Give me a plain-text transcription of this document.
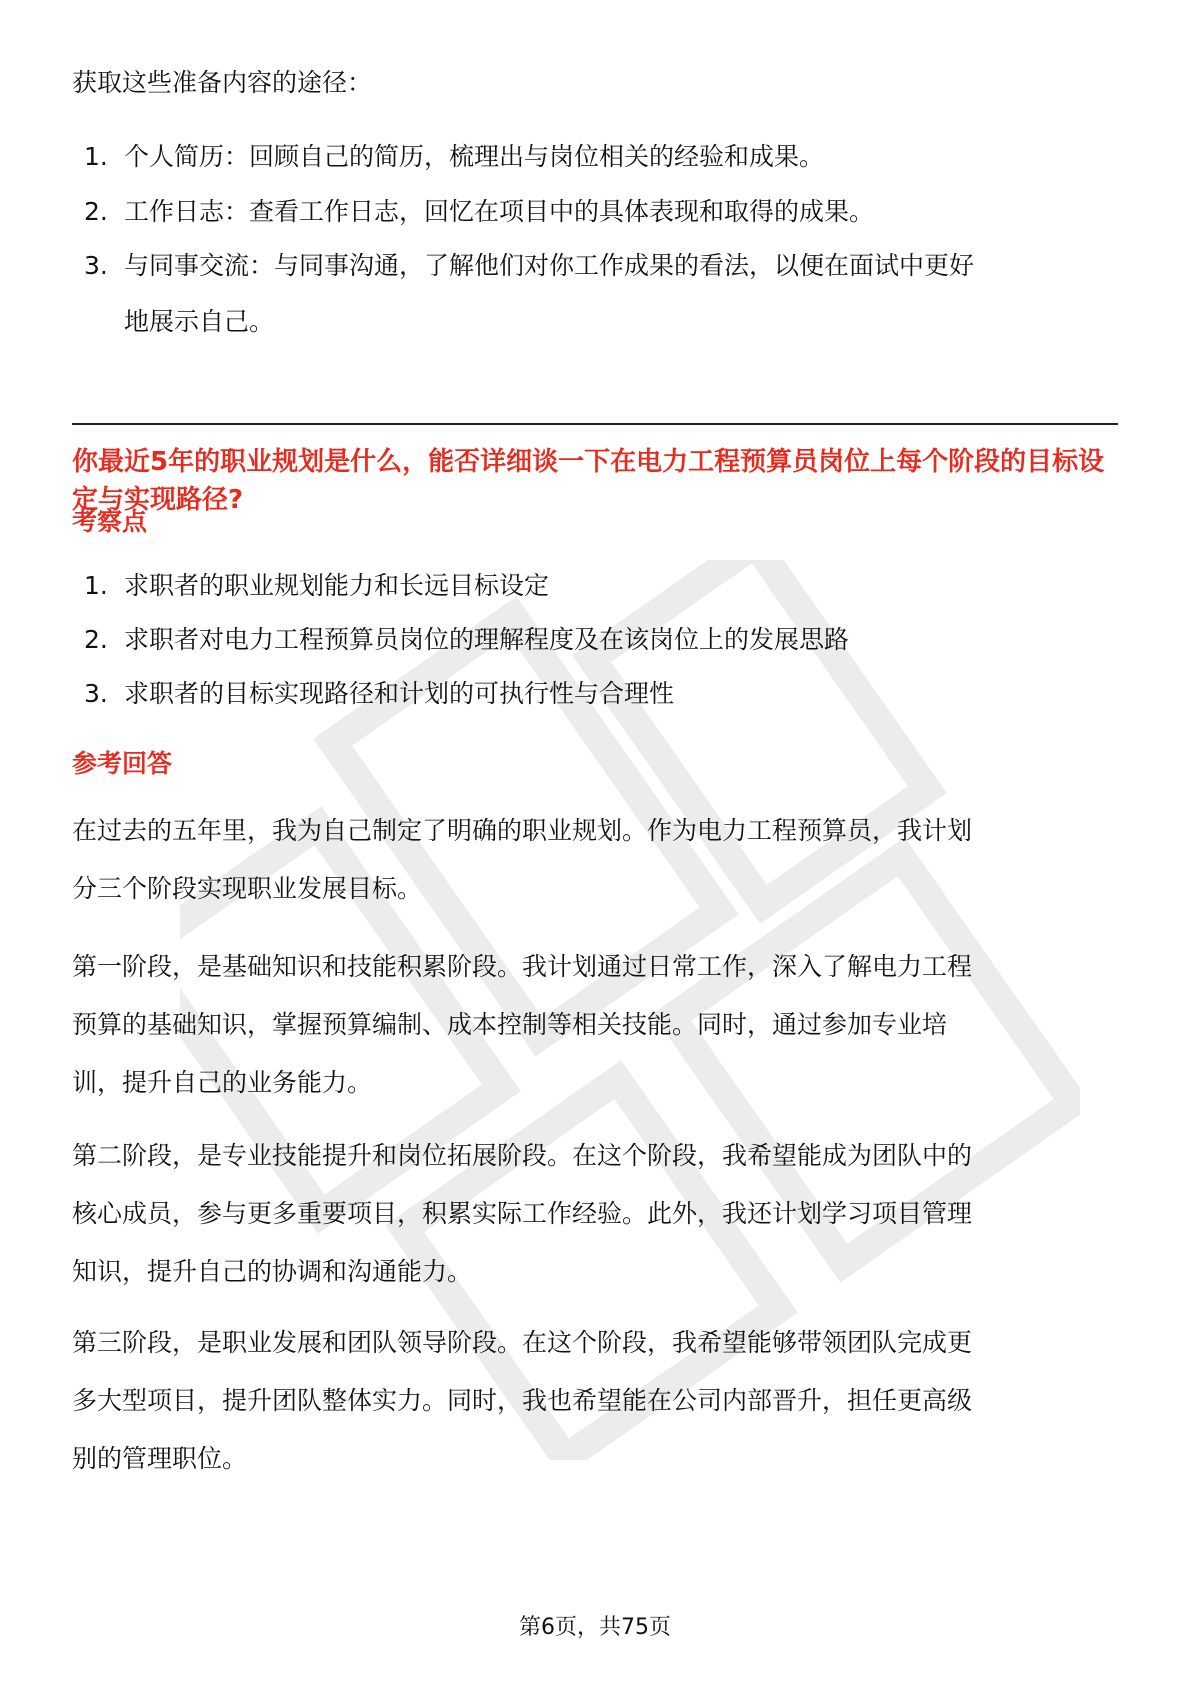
获取这些准备内容的途径：

1. 个人简历：回顾自己的简历，梳理出与岗位相关的经验和成果。
2. 工作日志：查看工作日志，回忆在项目中的具体表现和取得的成果。
3. 与同事交流：与同事沟通，了解他们对你工作成果的看法，以便在面试中更好
地展示自己。
你最近5年的职业规划是什么，能否详细谈一下在电力工程预算员岗位上每个阶段的目标设定与实现路径?
考察点
1. 求职者的职业规划能力和长远目标设定
2. 求职者对电力工程预算员岗位的理解程度及在该岗位上的发展思路
3. 求职者的目标实现路径和计划的可执行性与合理性
参考回答
在过去的五年里，我为自己制定了明确的职业规划。作为电力工程预算员，我计划
分三个阶段实现职业发展目标。
第一阶段，是基础知识和技能积累阶段。我计划通过日常工作，深入了解电力工程
预算的基础知识，掌握预算编制、成本控制等相关技能。同时，通过参加专业培
训，提升自己的业务能力。
第二阶段，是专业技能提升和岗位拓展阶段。在这个阶段，我希望能成为团队中的
核心成员，参与更多重要项目，积累实际工作经验。此外，我还计划学习项目管理
知识，提升自己的协调和沟通能力。
第三阶段，是职业发展和团队领导阶段。在这个阶段，我希望能够带领团队完成更
多大型项目，提升团队整体实力。同时，我也希望能在公司内部晋升，担任更高级
别的管理职位。
第6页，共75页
